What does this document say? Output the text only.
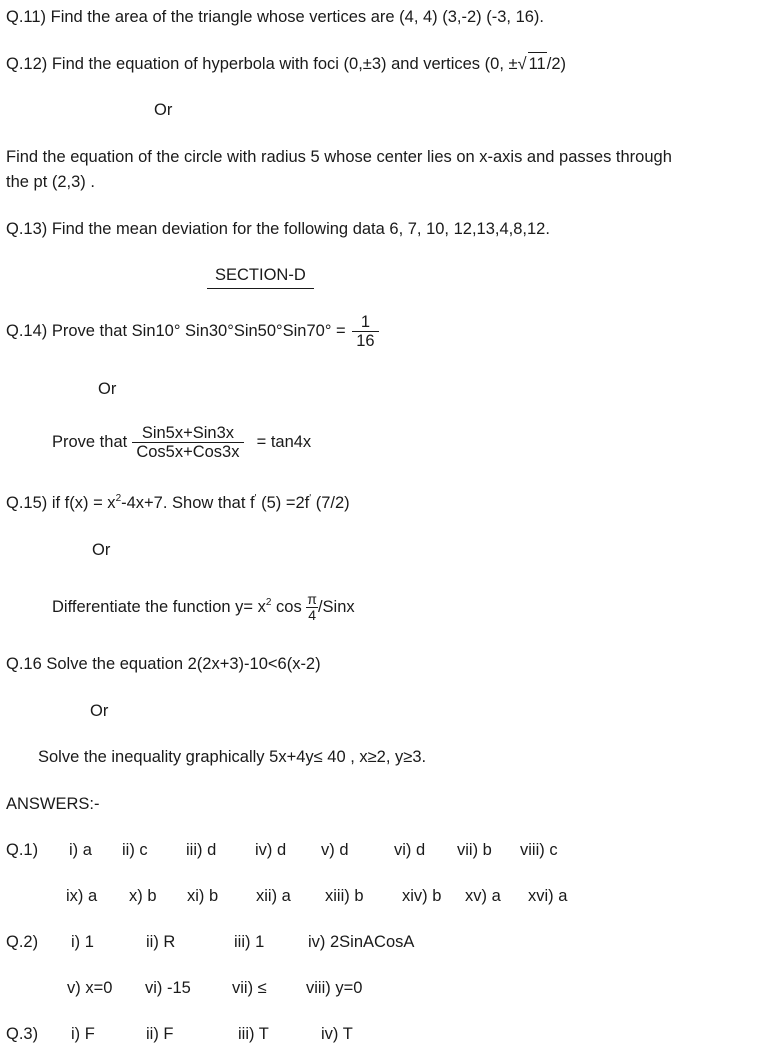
Q.11) Find the area of the triangle whose vertices are (4, 4) (3,-2) (-3, 16).
Q.12) Find the equation of hyperbola with foci (0,±3) and vertices (0, ±√ 11/2)
Or
Find the equation of the circle with radius 5 whose center lies on x-axis and passes through
the pt (2,3) .
Q.13) Find the mean deviation for the following data 6, 7, 10, 12,13,4,8,12.
SECTION-D
Q.14) Prove that Sin10° $Sin30^\circ Sin50^\circ Sin70^\circ = \frac{1}{16}$
Or
Prove that $\frac{\text{Sin5x+Sin3x}}{\text{Cos5x+Cos3x}} = \tan 4x$
Q.15) if $f(x) = x^2-4x+7$. Show that f' (5) =2f' (7/2)
Or
Differentiate the function $y= x^2$ $\cos \frac{\pi}{4}$ /Sinx
Q.16 Solve the equation 2(2x+3)-10<6(x-2)
Or
Solve the inequality graphically 5x+4y≤ 40 , x≥2, y≥3.
ANSWERS:-
Q.1) i) a ii) c iii) d iv) d v) d	vi) d vii) b viii) c
ix) a x) b xi) b xii) a xiii) b xiv) b xv) a xvi) a
Q.2) i) 1	ii) R	iii) 1	iv) 2SinACosA
v) x=0 vi) -15 vii) ≤ viii) y=0
Q.3) i) F	ii) F	iii) T	iv) T
